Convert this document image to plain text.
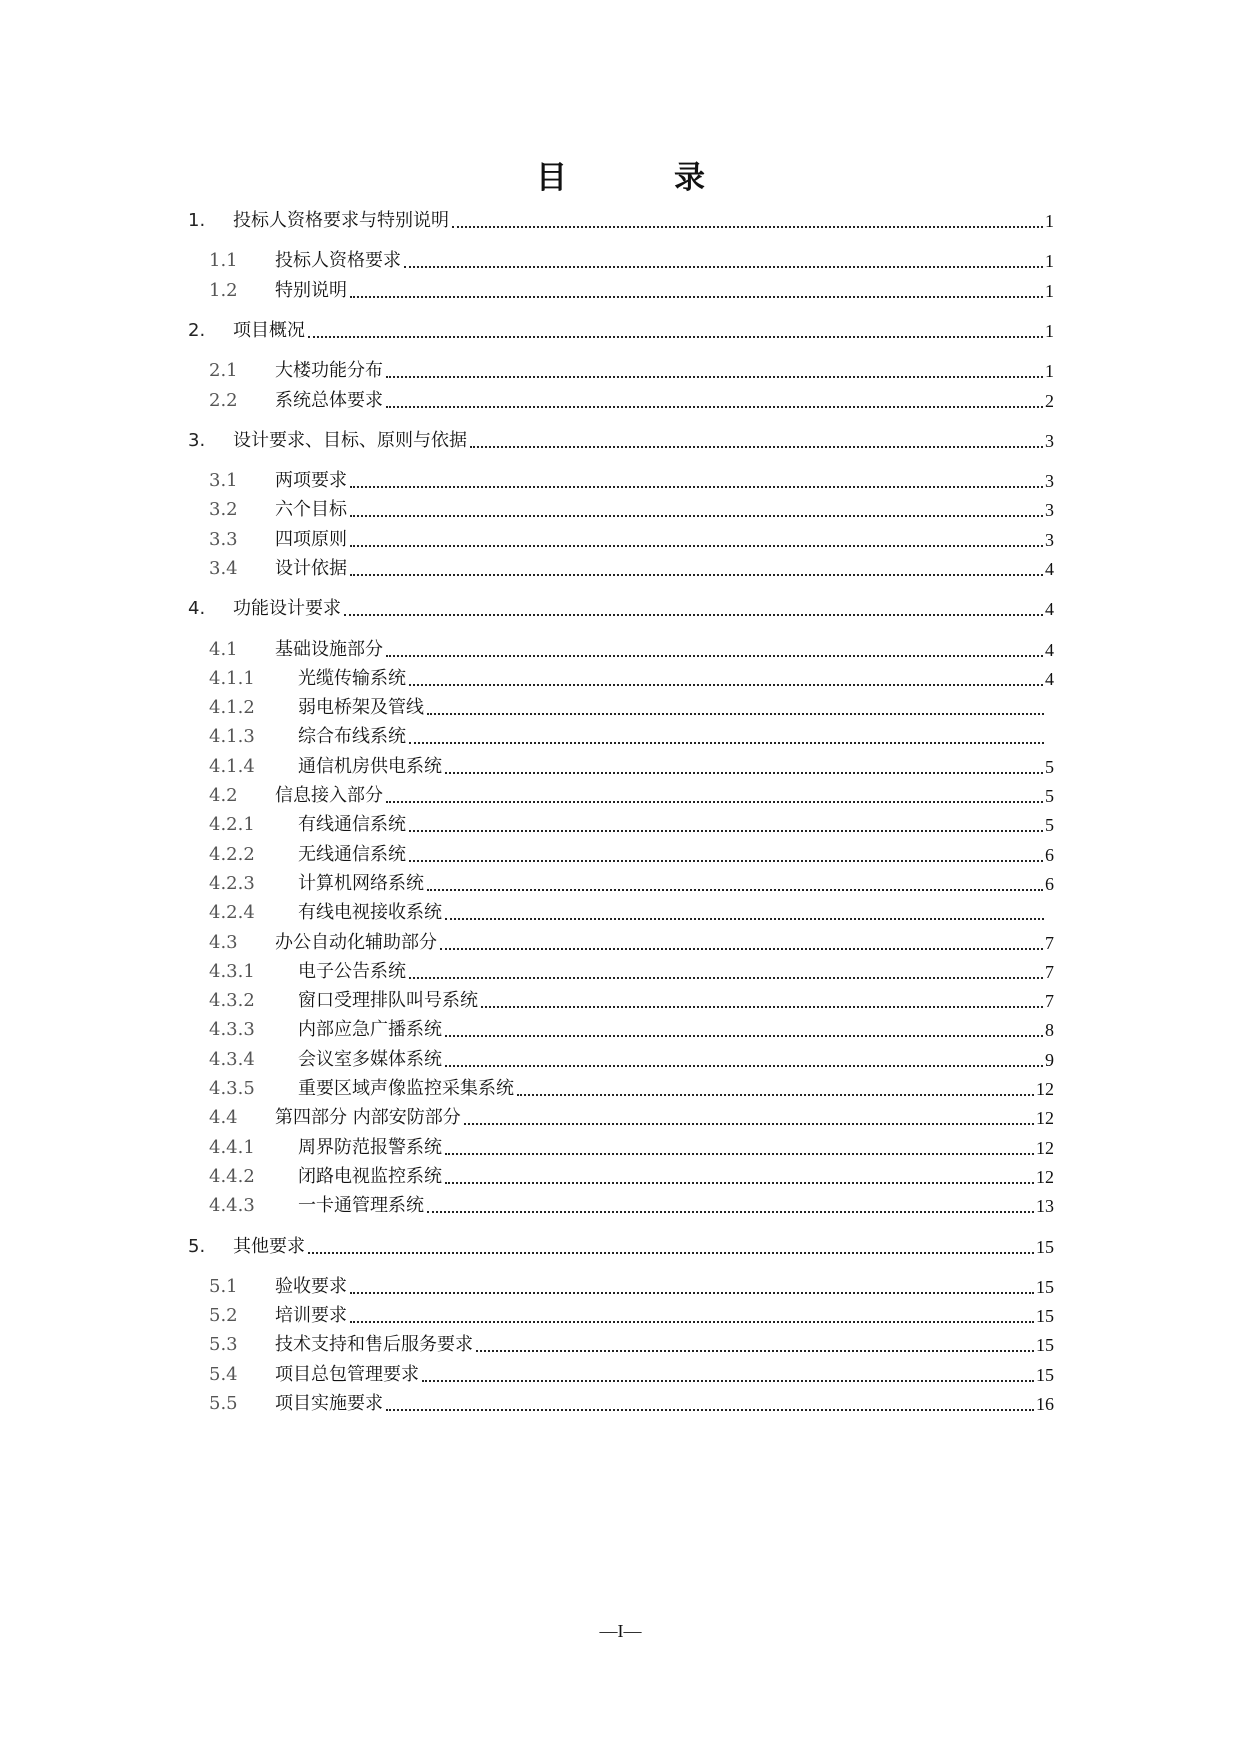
目　录
1.	投标人资格要求与特别说明	1
1.1	投标人资格要求	1
1.2	特别说明	1
2.	项目概况	1
2.1	大楼功能分布	1
2.2	系统总体要求	2
3.	设计要求、目标、原则与依据	3
3.1	两项要求	3
3.2	六个目标	3
3.3	四项原则	3
3.4	设计依据	4
4.	功能设计要求	4
4.1	基础设施部分	4
4.1.1	光缆传输系统	4
4.1.2	弱电桥架及管线
4.1.3	综合布线系统
4.1.4	通信机房供电系统	5
4.2	信息接入部分	5
4.2.1	有线通信系统	5
4.2.2	无线通信系统	6
4.2.3	计算机网络系统	6
4.2.4	有线电视接收系统
4.3	办公自动化辅助部分	7
4.3.1	电子公告系统	7
4.3.2	窗口受理排队叫号系统	7
4.3.3	内部应急广播系统	8
4.3.4	会议室多媒体系统	9
4.3.5	重要区域声像监控采集系统	12
4.4	第四部分 内部安防部分	12
4.4.1	周界防范报警系统	12
4.4.2	闭路电视监控系统	12
4.4.3	一卡通管理系统	13
5.	其他要求	15
5.1	验收要求	15
5.2	培训要求	15
5.3	技术支持和售后服务要求	15
5.4	项目总包管理要求	15
5.5	项目实施要求	16
—I—
